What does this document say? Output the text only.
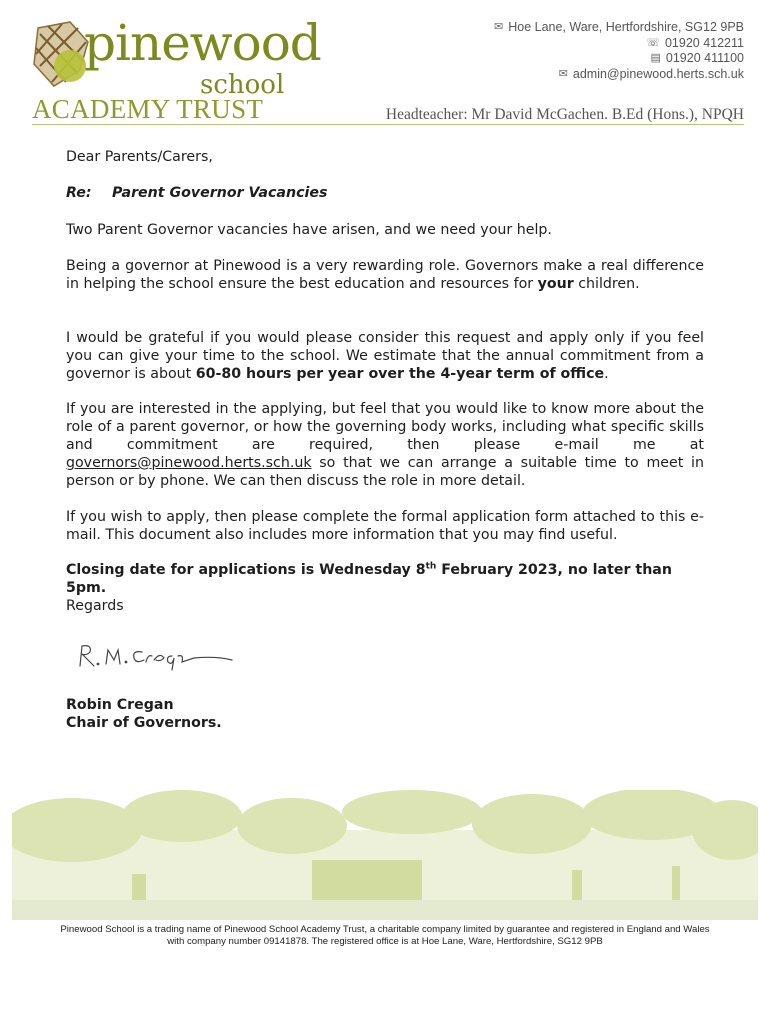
pinewood
school
ACADEMY TRUST
✉ Hoe Lane, Ware, Hertfordshire, SG12 9PB
☏ 01920 412211
▤ 01920 411100
✉ admin@pinewood.herts.sch.uk
Headteacher: Mr David McGachen. B.Ed (Hons.), NPQH

Dear Parents/Carers,

Re: Parent Governor Vacancies

Two Parent Governor vacancies have arisen, and we need your help.

Being a governor at Pinewood is a very rewarding role. Governors make a real difference in helping the school ensure the best education and resources for your children.

I would be grateful if you would please consider this request and apply only if you feel you can give your time to the school. We estimate that the annual commitment from a governor is about 60-80 hours per year over the 4-year term of office.

If you are interested in the applying, but feel that you would like to know more about the role of a parent governor, or how the governing body works, including what specific skills and commitment are required, then please e-mail me at governors@pinewood.herts.sch.uk so that we can arrange a suitable time to meet in person or by phone. We can then discuss the role in more detail.

If you wish to apply, then please complete the formal application form attached to this e-mail. This document also includes more information that you may find useful.

Closing date for applications is Wednesday 8th February 2023, no later than 5pm.

Regards

Robin Cregan

Chair of Governors.

Pinewood School is a trading name of Pinewood School Academy Trust, a charitable company limited by guarantee and registered in England and Wales
with company number 09141878. The registered office is at Hoe Lane, Ware, Hertfordshire, SG12 9PB
